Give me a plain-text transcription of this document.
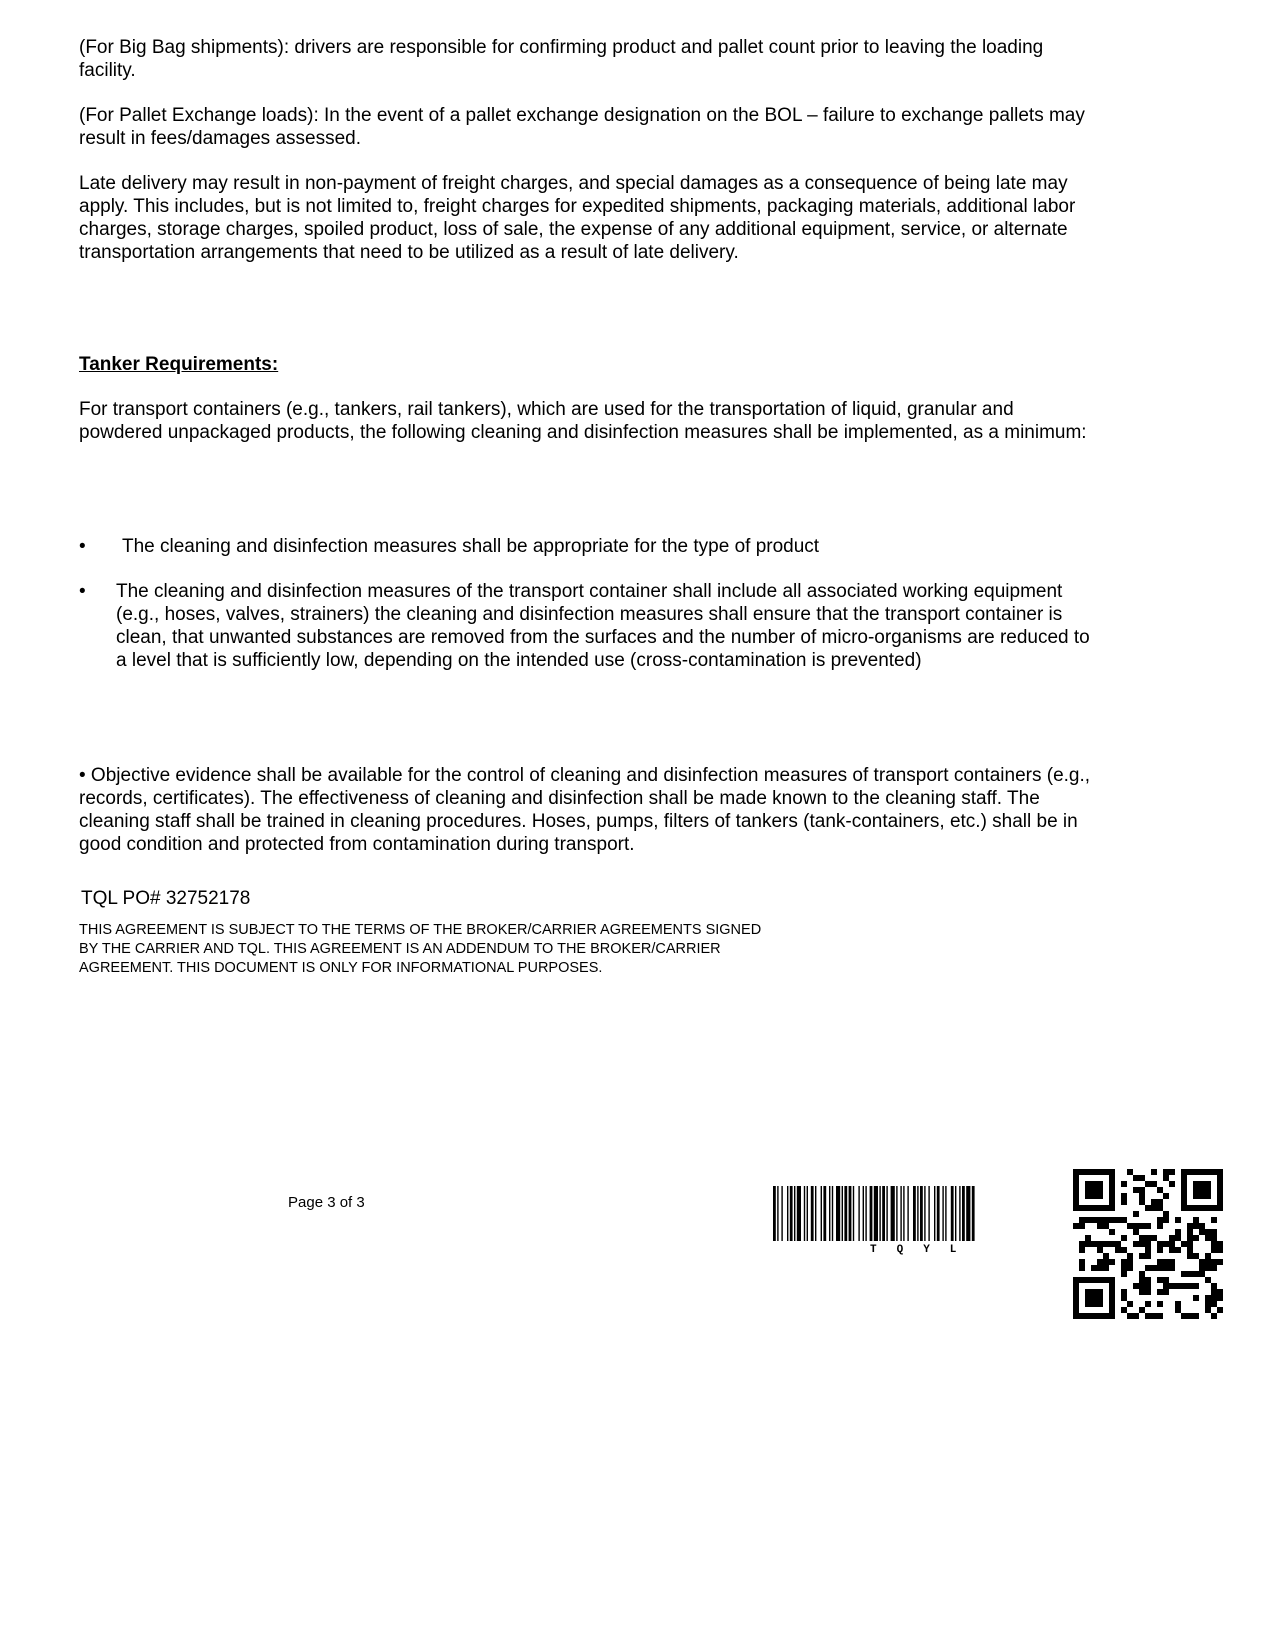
(For Big Bag shipments): drivers are responsible for confirming product and pallet count prior to leaving the loading facility.

(For Pallet Exchange loads): In the event of a pallet exchange designation on the BOL – failure to exchange pallets may result in fees/damages assessed.

Late delivery may result in non-payment of freight charges, and special damages as a consequence of being late may apply. This includes, but is not limited to, freight charges for expedited shipments, packaging materials, additional labor charges, storage charges, spoiled product, loss of sale, the expense of any additional equipment, service, or alternate transportation arrangements that need to be utilized as a result of late delivery.

Tanker Requirements:

For transport containers (e.g., tankers, rail tankers), which are used for the transportation of liquid, granular and powdered unpackaged products, the following cleaning and disinfection measures shall be implemented, as a minimum:

•	The cleaning and disinfection measures shall be appropriate for the type of product
•	The cleaning and disinfection measures of the transport container shall include all associated working equipment (e.g., hoses, valves, strainers) the cleaning and disinfection measures shall ensure that the transport container is clean, that unwanted substances are removed from the surfaces and the number of micro-organisms are reduced to a level that is sufficiently low, depending on the intended use (cross-contamination is prevented)

• Objective evidence shall be available for the control of cleaning and disinfection measures of transport containers (e.g., records, certificates). The effectiveness of cleaning and disinfection shall be made known to the cleaning staff. The cleaning staff shall be trained in cleaning procedures. Hoses, pumps, filters of tankers (tank-containers, etc.) shall be in good condition and protected from contamination during transport.

TQL PO# 32752178

THIS AGREEMENT IS SUBJECT TO THE TERMS OF THE BROKER/CARRIER AGREEMENTS SIGNED BY THE CARRIER AND TQL. THIS AGREEMENT IS AN ADDENDUM TO THE BROKER/CARRIER AGREEMENT. THIS DOCUMENT IS ONLY FOR INFORMATIONAL PURPOSES.

Page 3 of 3

TQYL
